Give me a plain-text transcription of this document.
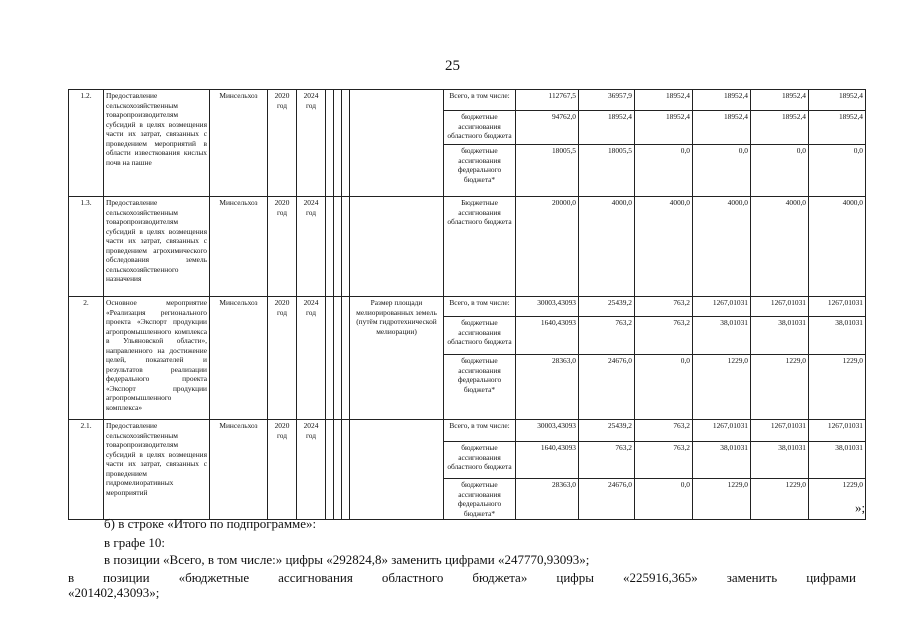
25
1.2.	Предоставление сельскохозяйственным товаропроизводителям субсидий в целях возмещения части их затрат, связанных с проведением мероприятий в области известкования кислых почв на пашне	Минсельхоз	2020 год	2024 год					Всего, в том числе:	112767,5	36957,9	18952,4	18952,4	18952,4	18952,4
									бюджетные ассигнования областного бюджета	94762,0	18952,4	18952,4	18952,4	18952,4	18952,4
									бюджетные ассигнования федерального бюджета*	18005,5	18005,5	0,0	0,0	0,0	0,0
1.3.	Предоставление сельскохозяйственным товаропроизводителям субсидий в целях возмещения части их затрат, связанных с проведением агрохимического обследования земель сельскохозяйственного назначения	Минсельхоз	2020 год	2024 год					Бюджетные ассигнования областного бюджета	20000,0	4000,0	4000,0	4000,0	4000,0	4000,0
2.	Основное мероприятие «Реализация регионального проекта «Экспорт продукции агропромышленного комплекса в Ульяновской области», направленного на достижение целей, показателей и результатов реализации федерального проекта «Экспорт продукции агропромышленного комплекса»	Минсельхоз	2020 год	2024 год				Размер площади мелиорированных земель (путём гидротехнической мелиорации)	Всего, в том числе:	30003,43093	25439,2	763,2	1267,01031	1267,01031	1267,01031
									бюджетные ассигнования областного бюджета	1640,43093	763,2	763,2	38,01031	38,01031	38,01031
									бюджетные ассигнования федерального бюджета*	28363,0	24676,0	0,0	1229,0	1229,0	1229,0
2.1.	Предоставление сельскохозяйственным товаропроизводителям субсидий в целях возмещения части их затрат, связанных с проведением гидромелиоративных мероприятий	Минсельхоз	2020 год	2024 год					Всего, в том числе:	30003,43093	25439,2	763,2	1267,01031	1267,01031	1267,01031
									бюджетные ассигнования областного бюджета	1640,43093	763,2	763,2	38,01031	38,01031	38,01031
									бюджетные ассигнования федерального бюджета*	28363,0	24676,0	0,0	1229,0	1229,0	1229,0
»;
б) в строке «Итого по подпрограмме»:
в графе 10:
в позиции «Всего, в том числе:» цифры «292824,8» заменить цифрами «247770,93093»;
в позиции «бюджетные ассигнования областного бюджета» цифры «225916,365» заменить цифрами
«201402,43093»;
